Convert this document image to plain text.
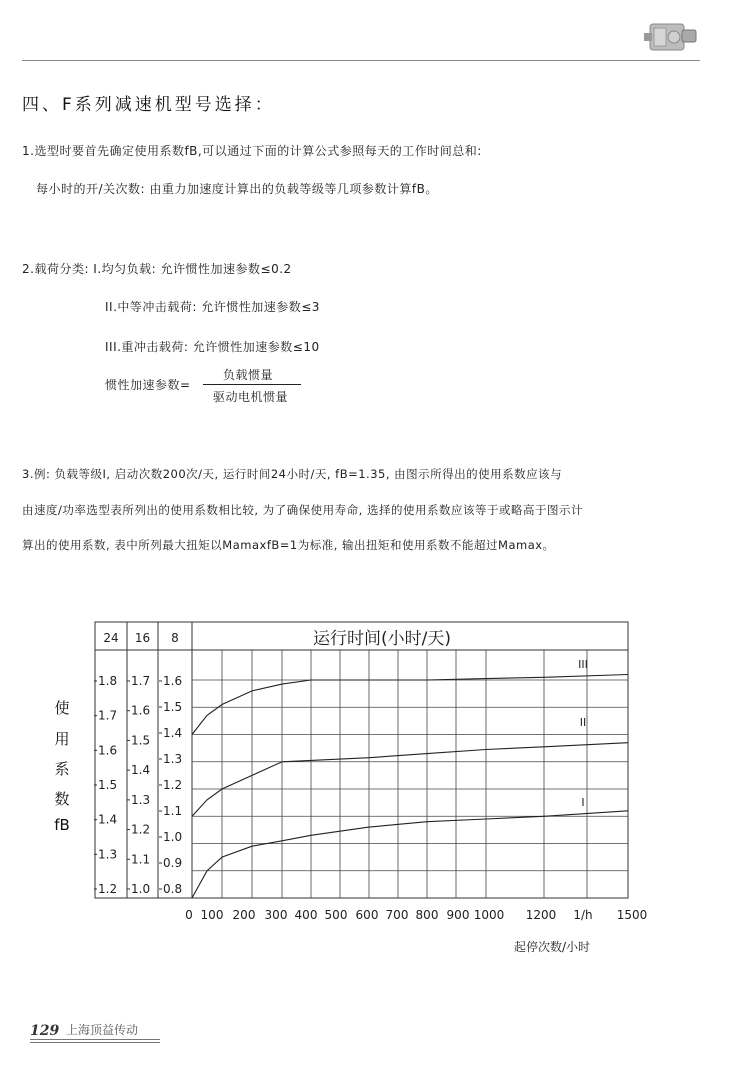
四、F系列减速机型号选择：
1.选型时要首先确定使用系数fB,可以通过下面的计算公式参照每天的工作时间总和:
每小时的开/关次数: 由重力加速度计算出的负载等级等几项参数计算fB。
2.载荷分类: I.均匀负载: 允许惯性加速参数≤0.2
II.中等冲击载荷: 允许惯性加速参数≤3
III.重冲击载荷: 允许惯性加速参数≤10
惯性加速参数=
负载惯量
驱动电机惯量
3.例: 负载等级I, 启动次数200次/天, 运行时间24小时/天, fB=1.35, 由图示所得出的使用系数应该与
由速度/功率选型表所列出的使用系数相比较, 为了确保使用寿命, 选择的使用系数应该等于或略高于图示计
算出的使用系数, 表中所列最大扭矩以MamaxfB=1为标准, 输出扭矩和使用系数不能超过Mamax。
使
用
系
数
fB
24 16 8	运行时间(小时/天)
0 100 200 300 400 500 600 700 800 900 1000 1200 1/h 1500
起停次数/小时
1.8
1.7
1.6
1.5
1.4
1.3
1.2
1.7
1.6
1.5
1.4
1.3
1.2
1.1
1.0
1.6
1.5
1.4
1.3
1.2
1.1
1.0
0.9
0.8
III
II
I
129 上海顶益传动
